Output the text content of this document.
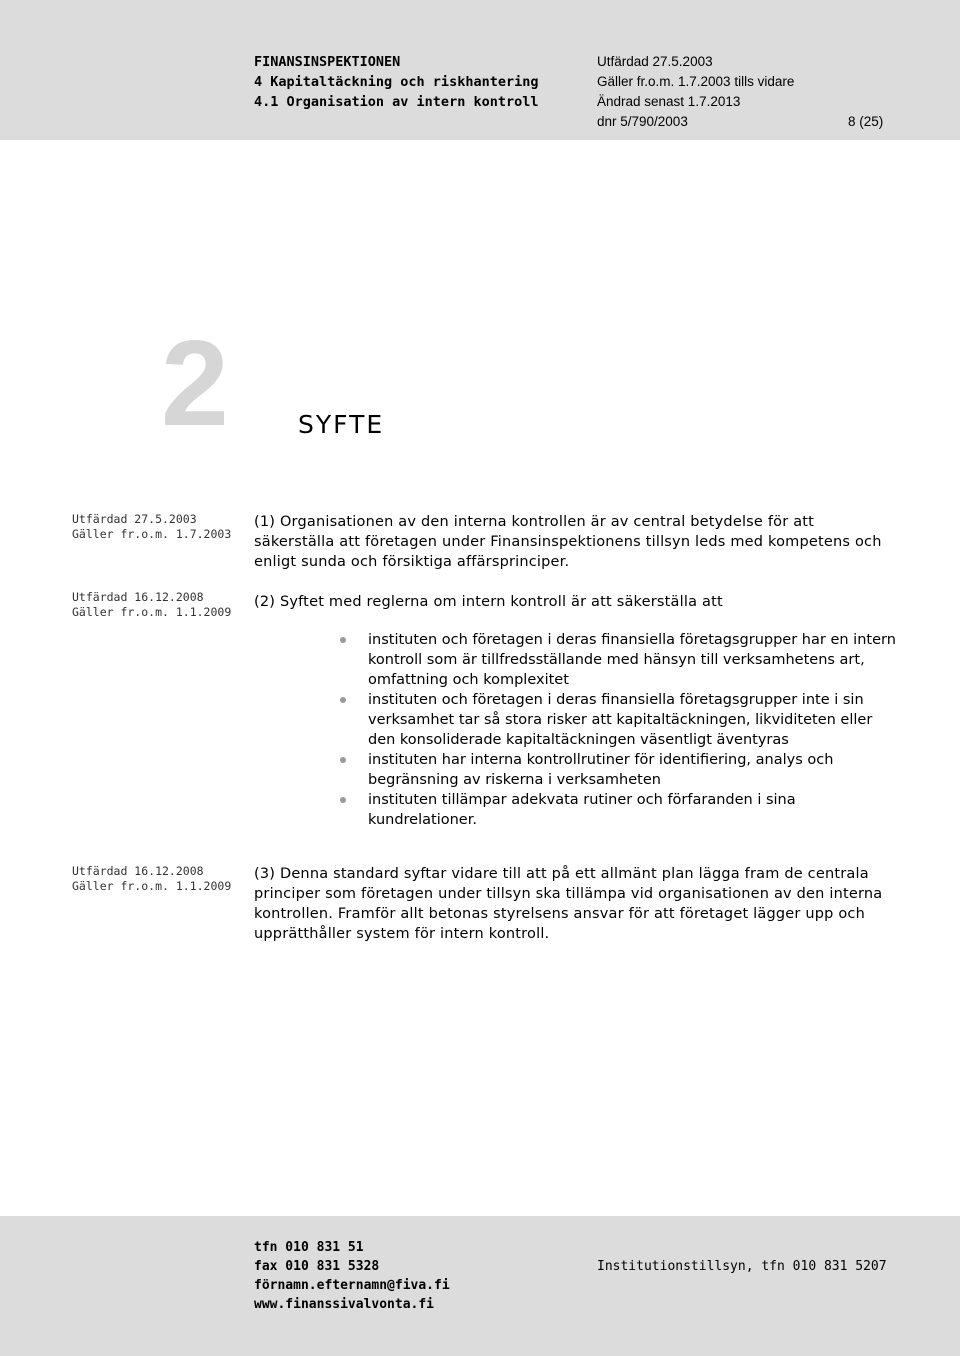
FINANSINSPEKTIONEN
4 Kapitaltäckning och riskhantering
4.1 Organisation av intern kontroll
Utfärdad 27.5.2003
Gäller fr.o.m. 1.7.2003 tills vidare
Ändrad senast 1.7.2013
dnr 5/790/2003	8 (25)
2	SYFTE
Utfärdad 27.5.2003
Gäller fr.o.m. 1.7.2003
Utfärdad 16.12.2008
Gäller fr.o.m. 1.1.2009
Utfärdad 16.12.2008
Gäller fr.o.m. 1.1.2009
(1) Organisationen av den interna kontrollen är av central betydelse för att säkerställa att företagen under Finansinspektionens tillsyn leds med kompetens och enligt sunda och försiktiga affärsprinciper.
(2) Syftet med reglerna om intern kontroll är att säkerställa att
instituten och företagen i deras finansiella företagsgrupper har en intern kontroll som är tillfredsställande med hänsyn till verksamhetens art, omfattning och komplexitet
instituten och företagen i deras finansiella företagsgrupper inte i sin verksamhet tar så stora risker att kapitaltäckningen, likviditeten eller den konsoliderade kapitaltäckningen väsentligt äventyras
instituten har interna kontrollrutiner för identifiering, analys och begränsning av riskerna i verksamheten
instituten tillämpar adekvata rutiner och förfaranden i sina kundrelationer.
(3) Denna standard syftar vidare till att på ett allmänt plan lägga fram de centrala principer som företagen under tillsyn ska tillämpa vid organisationen av den interna kontrollen. Framför allt betonas styrelsens ansvar för att företaget lägger upp och upprätthåller system för intern kontroll.
tfn 010 831 51
fax 010 831 5328
förnamn.efternamn@fiva.fi
www.finanssivalvonta.fi
Institutionstillsyn, tfn 010 831 5207
